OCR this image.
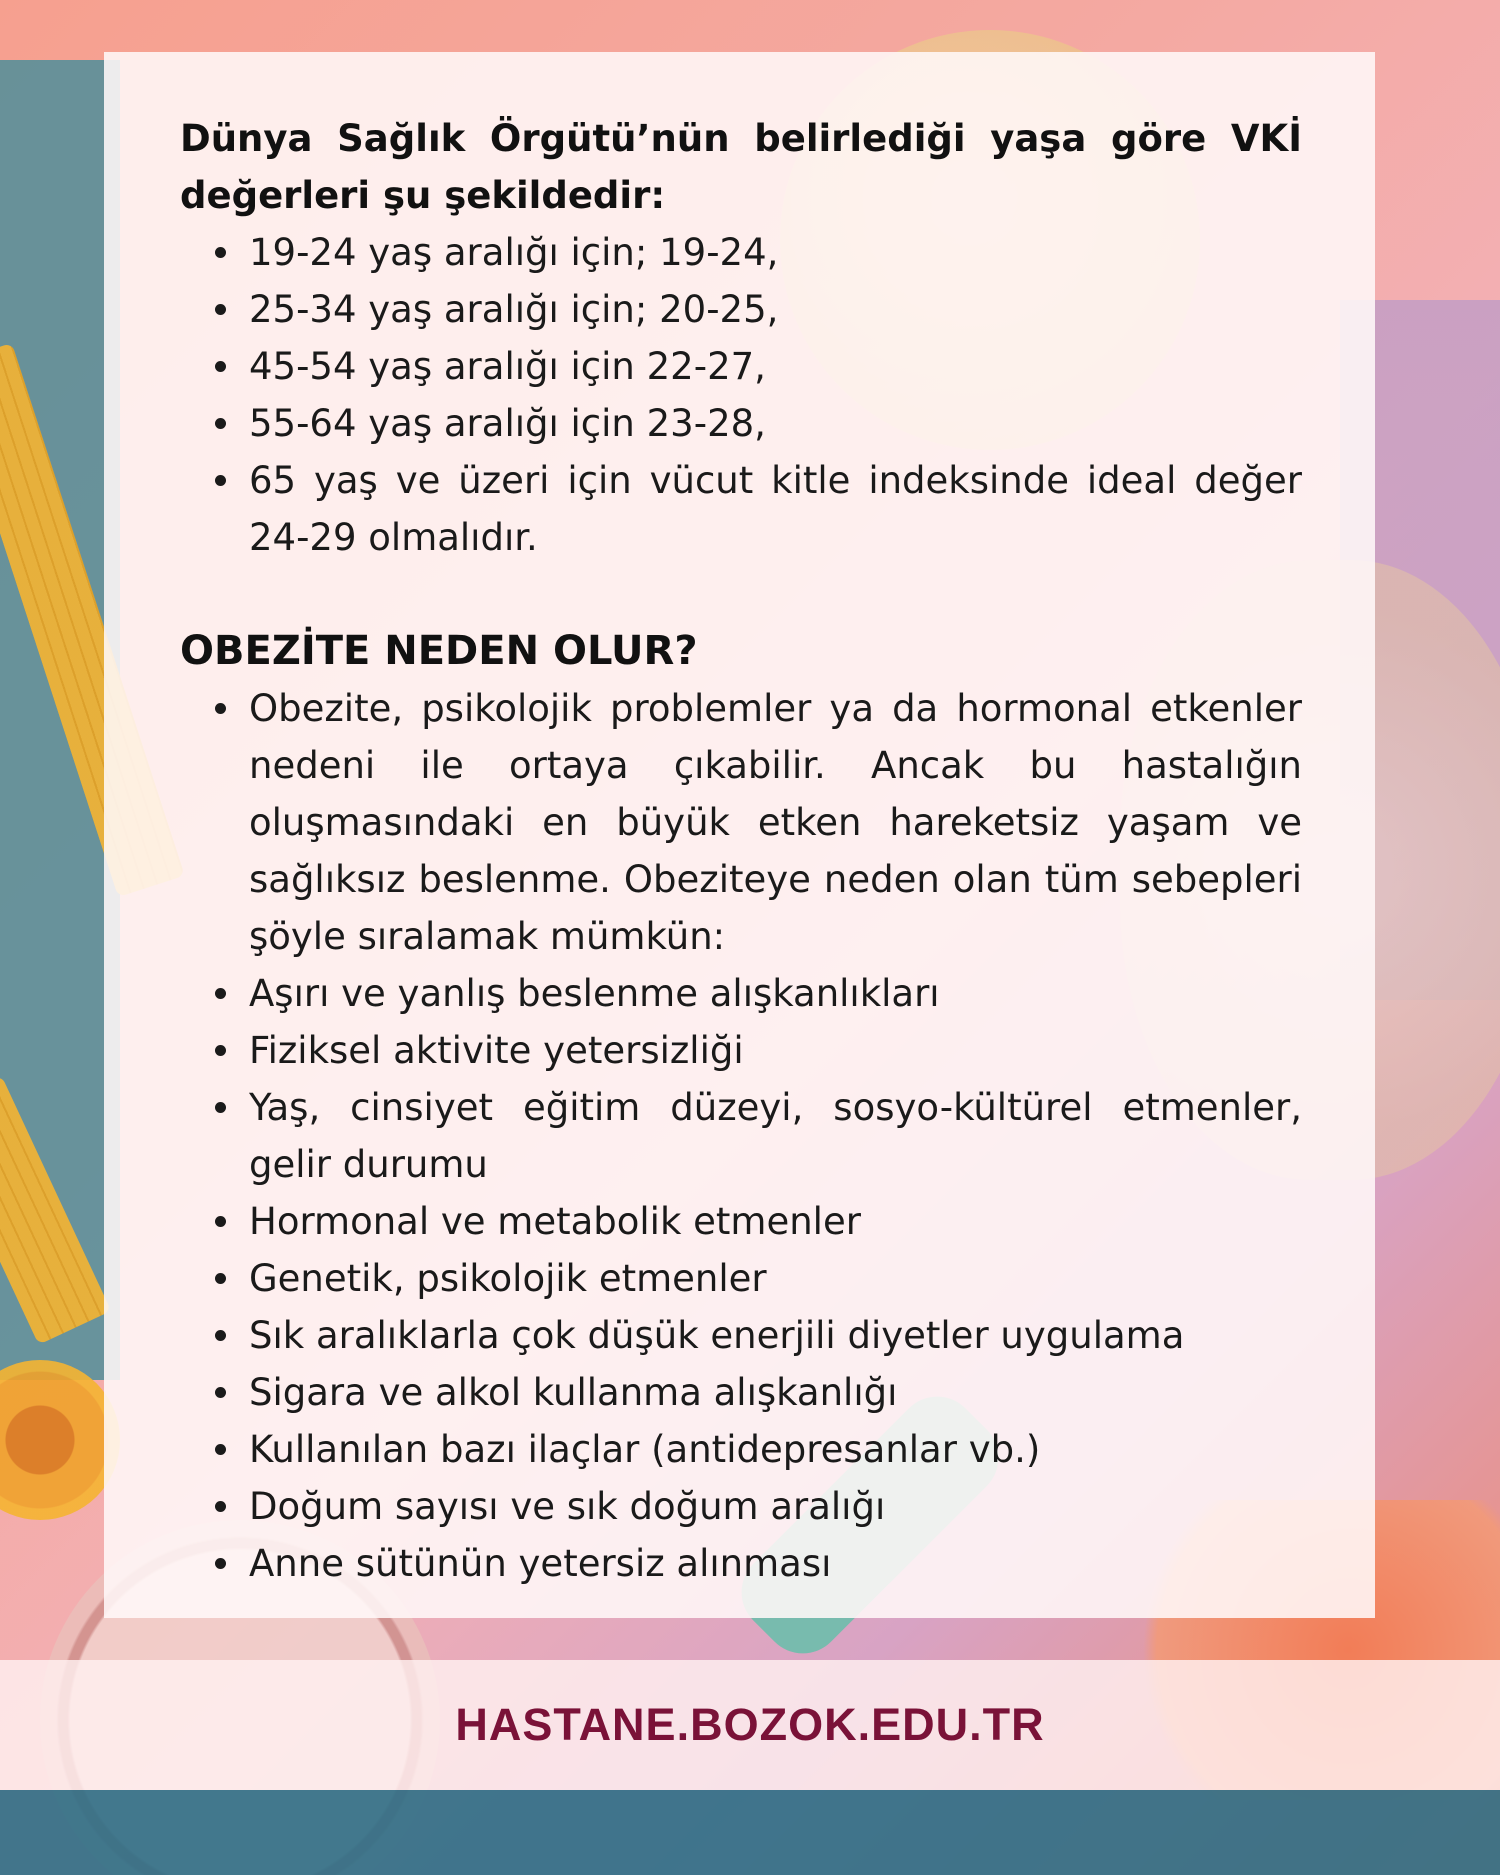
Dünya Sağlık Örgütü’nün belirlediği yaşa göre VKİ değerleri şu şekildedir:

19-24 yaş aralığı için; 19-24,
25-34 yaş aralığı için; 20-25,
45-54 yaş aralığı için 22-27,
55-64 yaş aralığı için 23-28,
65 yaş ve üzeri için vücut kitle indeksinde ideal değer 24-29 olmalıdır.
OBEZİTE NEDEN OLUR?
Obezite, psikolojik problemler ya da hormonal etkenler nedeni ile ortaya çıkabilir. Ancak bu hastalığın oluşmasındaki en büyük etken hareketsiz yaşam ve sağlıksız beslenme. Obeziteye neden olan tüm sebepleri şöyle sıralamak mümkün:
Aşırı ve yanlış beslenme alışkanlıkları
Fiziksel aktivite yetersizliği
Yaş, cinsiyet eğitim düzeyi, sosyo-kültürel etmenler, gelir durumu
Hormonal ve metabolik etmenler
Genetik, psikolojik etmenler
Sık aralıklarla çok düşük enerjili diyetler uygulama
Sigara ve alkol kullanma alışkanlığı
Kullanılan bazı ilaçlar (antidepresanlar vb.)
Doğum sayısı ve sık doğum aralığı
Anne sütünün yetersiz alınması
HASTANE.BOZOK.EDU.TR
